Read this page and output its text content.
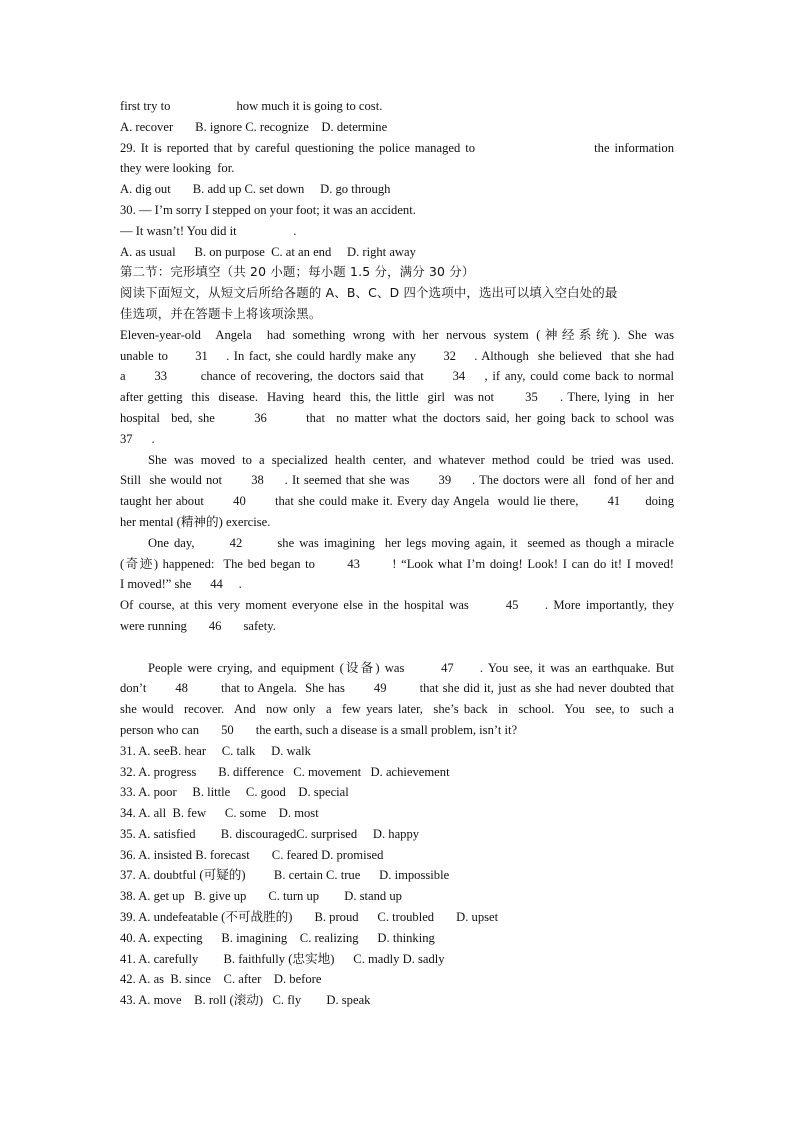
first try to                     how much it is going to cost.
A. recover       B. ignore C. recognize    D. determine
29. It is reported that by careful questioning the police managed to                        the information
they were looking  for.
A. dig out       B. add up C. set down     D. go through
30. — I’m sorry I stepped on your foot; it was an accident.
— It wasn’t! You did it                  .
A. as usual      B. on purpose  C. at an end     D. right away
第二节：完形填空（共 20 小题；每小题 1.5 分，满分 30 分）
阅读下面短文，从短文后所给各题的 A、B、C、D 四个选项中，选出可以填入空白处的最
佳选项，并在答题卡上将该项涂黑。
Eleven-year-old  Angela  had something wrong with her nervous system (神经系统). She was
unable to      31    . In fact, she could hardly make any      32    . Although  she believed  that she had
a      33       chance of recovering, the doctors said that      34    , if any, could come back to normal
after getting  this  disease.  Having  heard  this, the little  girl  was not       35     . There, lying  in  her
hospital  bed, she       36       that  no matter what the doctors said, her going back to school was
37      .
She was moved to a specialized health center, and whatever method could be tried was used.
Still  she would not       38     . It seemed that she was       39     . The doctors were all  fond of her and
taught her about       40       that she could make it. Every day Angela  would lie there,       41      doing
her mental (精神的) exercise.
One day,       42       she was imagining  her legs moving again, it  seemed as though a miracle
(奇迹) happened:  The bed began to       43       ! “Look what I’m doing! Look! I can do it! I moved!
I moved!” she      44     .
Of course, at this very moment everyone else in the hospital was       45     . More importantly, they
were running       46       safety.
People were crying, and equipment (设备) was       47     . You see, it was an earthquake. But
don’t       48        that to Angela.  She has       49        that she did it, just as she had never doubted that
she would  recover.  And  now only  a  few years later,  she’s back  in  school.  You  see, to  such a
person who can       50       the earth, such a disease is a small problem, isn’t it?
31. A. seeB. hear     C. talk     D. walk
32. A. progress       B. difference   C. movement   D. achievement
33. A. poor     B. little     C. good    D. special
34. A. all  B. few      C. some    D. most
35. A. satisfied        B. discouragedC. surprised     D. happy
36. A. insisted B. forecast       C. feared D. promised
37. A. doubtful (可疑的)         B. certain C. true      D. impossible
38. A. get up   B. give up       C. turn up        D. stand up
39. A. undefeatable (不可战胜的)       B. proud      C. troubled       D. upset
40. A. expecting      B. imagining    C. realizing      D. thinking
41. A. carefully        B. faithfully (忠实地)      C. madly D. sadly
42. A. as  B. since    C. after    D. before
43. A. move    B. roll (滚动)   C. fly        D. speak
